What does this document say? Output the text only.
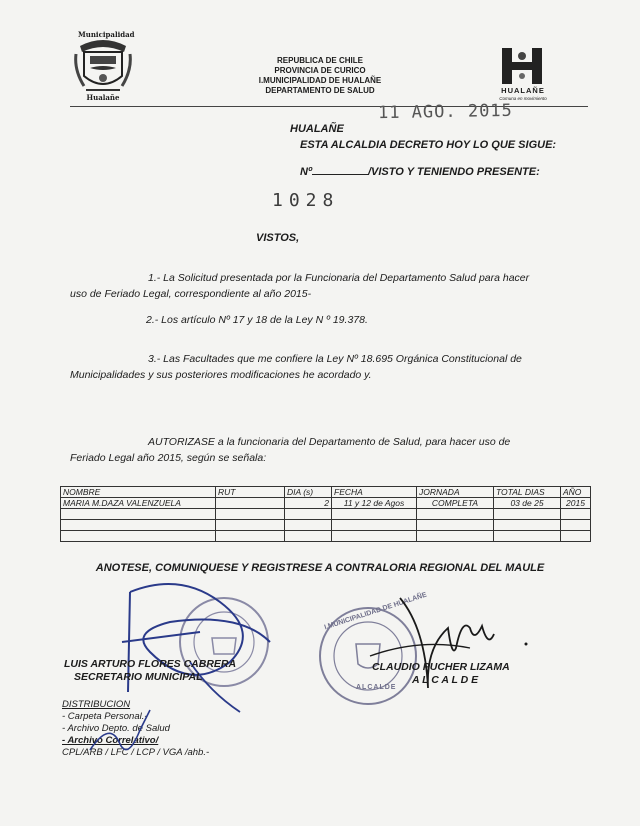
Municipalidad
Hualañe
REPUBLICA DE CHILE
PROVINCIA DE CURICO
I.MUNICIPALIDAD DE HUALAÑE
DEPARTAMENTO DE SALUD	HUALAÑE
Comuna en movimiento
11 AGO. 2015
HUALAÑE
ESTA ALCALDIA DECRETO HOY LO QUE SIGUE:
Nº	/VISTO Y TENIENDO PRESENTE:
1028
VISTOS,
1.- La Solicitud presentada por la Funcionaria del Departamento Salud para hacer
uso de Feriado Legal, correspondiente al año 2015-
2.- Los artículo Nº 17 y 18 de la Ley N º 19.378.
3.- Las Facultades que me confiere la Ley Nº 18.695 Orgánica Constitucional de
Municipalidades y sus posteriores modificaciones he acordado y.
AUTORIZASE a la funcionaria del Departamento de Salud, para hacer uso de
Feriado Legal año 2015, según se señala:
NOMBRE	RUT	DIA (s)	FECHA	JORNADA	TOTAL DIAS	AÑO
MARIA M.DAZA VALENZUELA		2	11 y 12 de Agos	COMPLETA	03 de 25	2015

ANOTESE, COMUNIQUESE Y REGISTRESE A CONTRALORIA REGIONAL DEL MAULE
I.MUNICIPALIDAD DE HUALAÑE
ALCALDE
LUIS ARTURO FLORES CABRERA
SECRETARIO MUNICIPAL
CLAUDIO PUCHER LIZAMA
A L C A L D E
DISTRIBUCION
- Carpeta Personal.-
- Archivo Depto. de Salud
- Archivo Correlativo/
CPL/ARB / LFC / LCP / VGA /ahb.-
